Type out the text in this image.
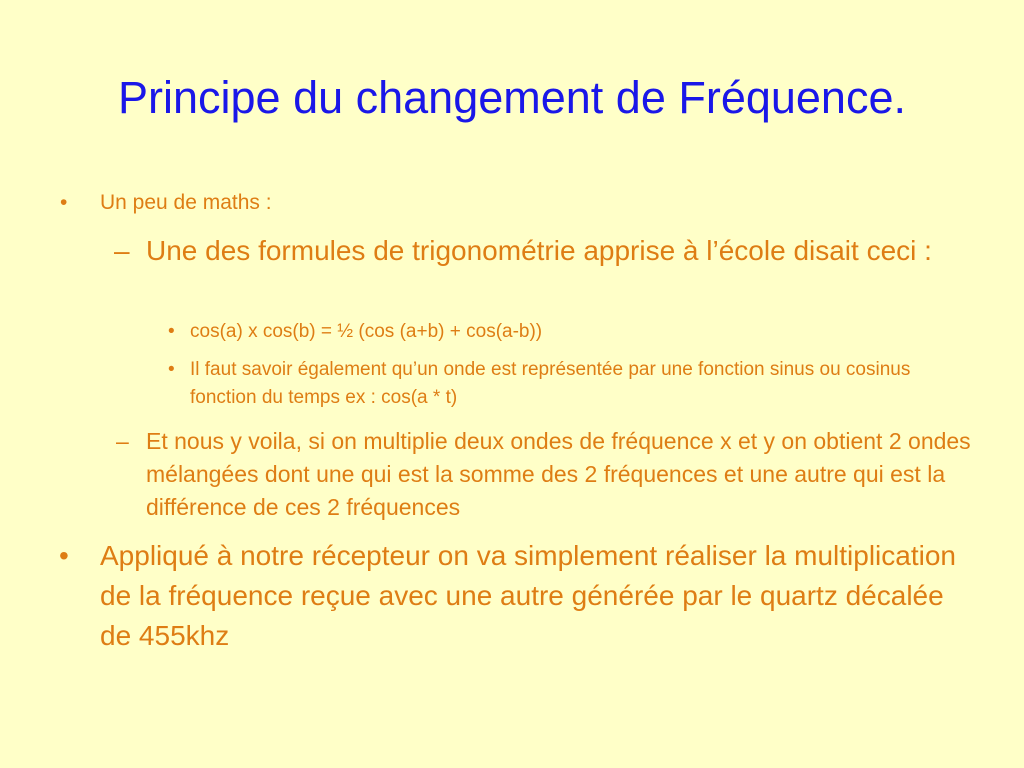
Principe du changement de Fréquence.
• Un peu de maths :
– Une des formules de trigonométrie apprise à l’école disait ceci :
• cos(a) x cos(b) = ½ (cos (a+b) + cos(a-b))
• Il faut savoir également qu’un onde est représentée par une fonction sinus ou cosinus fonction du temps ex : cos(a * t)
– Et nous y voila, si on multiplie deux ondes de fréquence x et y on obtient 2 ondes mélangées dont une qui est la somme des 2 fréquences et une autre qui est la différence de ces 2 fréquences
• Appliqué à notre récepteur on va simplement réaliser la multiplication de la fréquence reçue avec une autre générée par le quartz décalée de 455khz
